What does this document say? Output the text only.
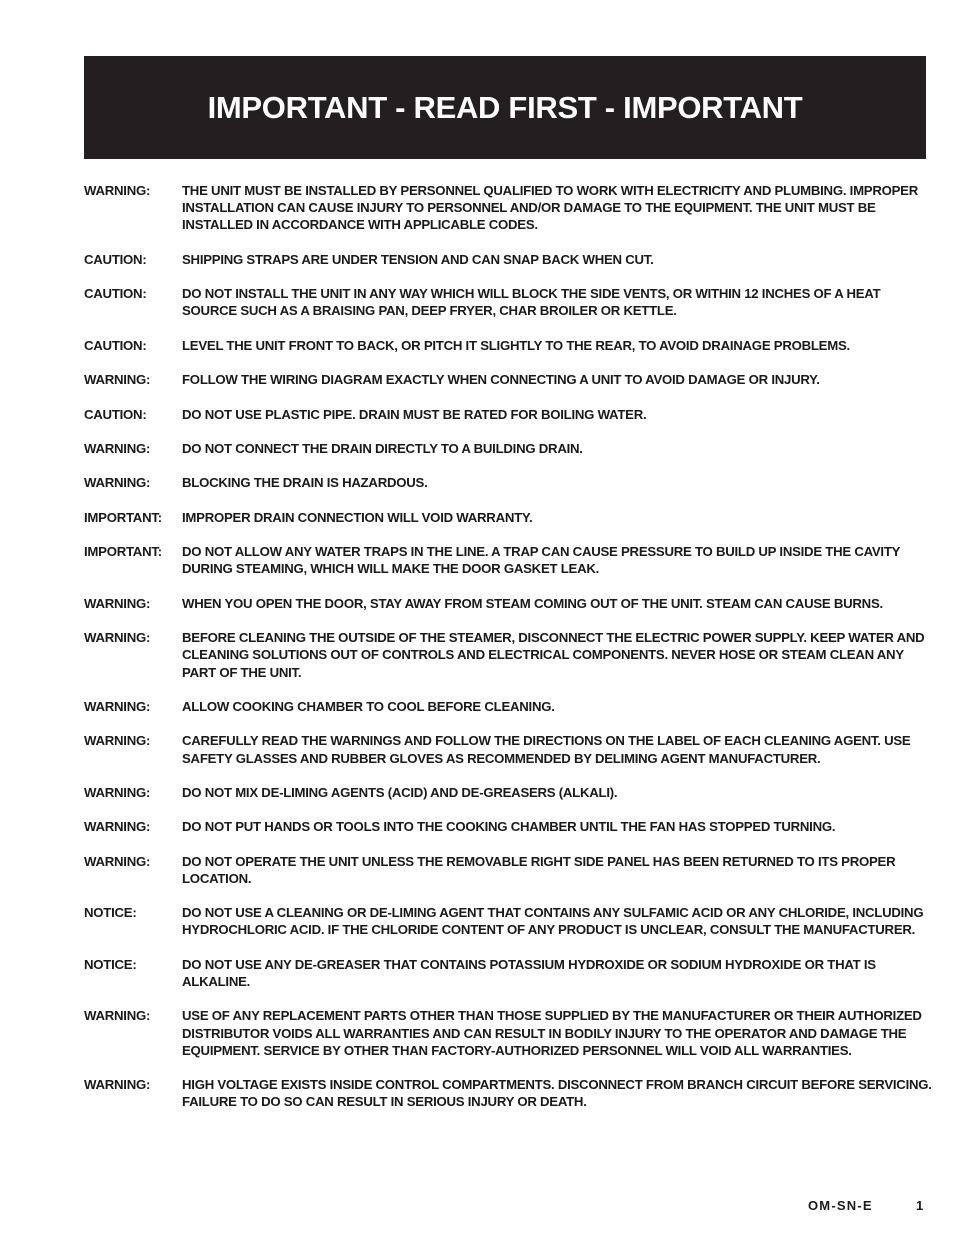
IMPORTANT - READ FIRST - IMPORTANT
WARNING:	THE UNIT MUST BE INSTALLED BY PERSONNEL QUALIFIED TO WORK WITH ELECTRICITY AND PLUMBING. IMPROPER INSTALLATION CAN CAUSE INJURY TO PERSONNEL AND/OR DAMAGE TO THE EQUIPMENT. THE UNIT MUST BE INSTALLED IN ACCORDANCE WITH APPLICABLE CODES.
CAUTION:	SHIPPING STRAPS ARE UNDER TENSION AND CAN SNAP BACK WHEN CUT.
CAUTION:	DO NOT INSTALL THE UNIT IN ANY WAY WHICH WILL BLOCK THE SIDE VENTS, OR WITHIN 12 INCHES OF A HEAT SOURCE SUCH AS A BRAISING PAN, DEEP FRYER, CHAR BROILER OR KETTLE.
CAUTION:	LEVEL THE UNIT FRONT TO BACK, OR PITCH IT SLIGHTLY TO THE REAR, TO AVOID DRAINAGE PROBLEMS.
WARNING:	FOLLOW THE WIRING DIAGRAM EXACTLY WHEN CONNECTING A UNIT TO AVOID DAMAGE OR INJURY.
CAUTION:	DO NOT USE PLASTIC PIPE. DRAIN MUST BE RATED FOR BOILING WATER.
WARNING:	DO NOT CONNECT THE DRAIN DIRECTLY TO A BUILDING DRAIN.
WARNING:	BLOCKING THE DRAIN IS HAZARDOUS.
IMPORTANT:	IMPROPER DRAIN CONNECTION WILL VOID WARRANTY.
IMPORTANT:	DO NOT ALLOW ANY WATER TRAPS IN THE LINE. A TRAP CAN CAUSE PRESSURE TO BUILD UP INSIDE THE CAVITY DURING STEAMING, WHICH WILL MAKE THE DOOR GASKET LEAK.
WARNING:	WHEN YOU OPEN THE DOOR, STAY AWAY FROM STEAM COMING OUT OF THE UNIT. STEAM CAN CAUSE BURNS.
WARNING:	BEFORE CLEANING THE OUTSIDE OF THE STEAMER, DISCONNECT THE ELECTRIC POWER SUPPLY. KEEP WATER AND CLEANING SOLUTIONS OUT OF CONTROLS AND ELECTRICAL COMPONENTS. NEVER HOSE OR STEAM CLEAN ANY PART OF THE UNIT.
WARNING:	ALLOW COOKING CHAMBER TO COOL BEFORE CLEANING.
WARNING:	CAREFULLY READ THE WARNINGS AND FOLLOW THE DIRECTIONS ON THE LABEL OF EACH CLEANING AGENT. USE SAFETY GLASSES AND RUBBER GLOVES AS RECOMMENDED BY DELIMING AGENT MANUFACTURER.
WARNING:	DO NOT MIX DE-LIMING AGENTS (ACID) AND DE-GREASERS (ALKALI).
WARNING:	DO NOT PUT HANDS OR TOOLS INTO THE COOKING CHAMBER UNTIL THE FAN HAS STOPPED TURNING.
WARNING:	DO NOT OPERATE THE UNIT UNLESS THE REMOVABLE RIGHT SIDE PANEL HAS BEEN RETURNED TO ITS PROPER LOCATION.
NOTICE:	DO NOT USE A CLEANING OR DE-LIMING AGENT THAT CONTAINS ANY SULFAMIC ACID OR ANY CHLORIDE, INCLUDING HYDROCHLORIC ACID. IF THE CHLORIDE CONTENT OF ANY PRODUCT IS UNCLEAR, CONSULT THE MANUFACTURER.
NOTICE:	DO NOT USE ANY DE-GREASER THAT CONTAINS POTASSIUM HYDROXIDE OR SODIUM HYDROXIDE OR THAT IS ALKALINE.
WARNING:	USE OF ANY REPLACEMENT PARTS OTHER THAN THOSE SUPPLIED BY THE MANUFACTURER OR THEIR AUTHORIZED DISTRIBUTOR VOIDS ALL WARRANTIES AND CAN RESULT IN BODILY INJURY TO THE OPERATOR AND DAMAGE THE EQUIPMENT. SERVICE BY OTHER THAN FACTORY-AUTHORIZED PERSONNEL WILL VOID ALL WARRANTIES.
WARNING:	HIGH VOLTAGE EXISTS INSIDE CONTROL COMPARTMENTS. DISCONNECT FROM BRANCH CIRCUIT BEFORE SERVICING. FAILURE TO DO SO CAN RESULT IN SERIOUS INJURY OR DEATH.
OM-SN-E	1
